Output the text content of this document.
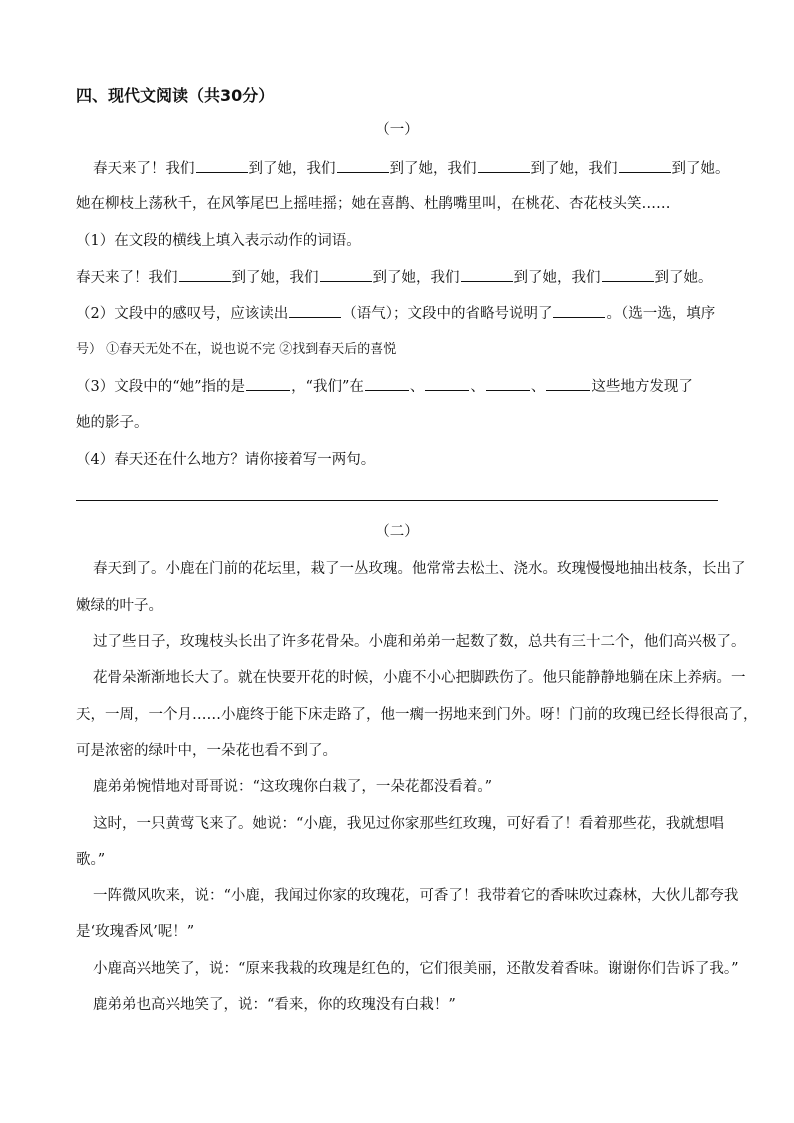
四、现代文阅读（共30分）
（一）
春天来了！我们	到了她，我们	到了她，我们	到了她，我们	到了她。
她在柳枝上荡秋千，在风筝尾巴上摇哇摇；她在喜鹊、杜鹃嘴里叫，在桃花、杏花枝头笑……
（1）在文段的横线上填入表示动作的词语。
春天来了！我们	到了她，我们	到了她，我们	到了她，我们	到了她。
（2）文段中的感叹号，应该读出	（语气）；文段中的省略号说明了	。（选一选，填序
号） ①春天无处不在，说也说不完 ②找到春天后的喜悦
（3）文段中的“她”指的是	，“我们”在	、	、	、	这些地方发现了
她的影子。
（4）春天还在什么地方？请你接着写一两句。
（二）
春天到了。小鹿在门前的花坛里，栽了一丛玫瑰。他常常去松土、浇水。玫瑰慢慢地抽出枝条，长出了
嫩绿的叶子。
过了些日子，玫瑰枝头长出了许多花骨朵。小鹿和弟弟一起数了数，总共有三十二个，他们高兴极了。
花骨朵渐渐地长大了。就在快要开花的时候，小鹿不小心把脚跌伤了。他只能静静地躺在床上养病。一
天，一周，一个月……小鹿终于能下床走路了，他一瘸一拐地来到门外。呀！门前的玫瑰已经长得很高了，
可是浓密的绿叶中，一朵花也看不到了。
鹿弟弟惋惜地对哥哥说：“这玫瑰你白栽了，一朵花都没看着。”
这时，一只黄莺飞来了。她说：“小鹿，我见过你家那些红玫瑰，可好看了！看着那些花，我就想唱
歌。”
一阵微风吹来，说：“小鹿，我闻过你家的玫瑰花，可香了！我带着它的香味吹过森林，大伙儿都夸我
是‘玫瑰香风’呢！”
小鹿高兴地笑了，说：“原来我栽的玫瑰是红色的，它们很美丽，还散发着香味。谢谢你们告诉了我。”
鹿弟弟也高兴地笑了，说：“看来，你的玫瑰没有白栽！”
